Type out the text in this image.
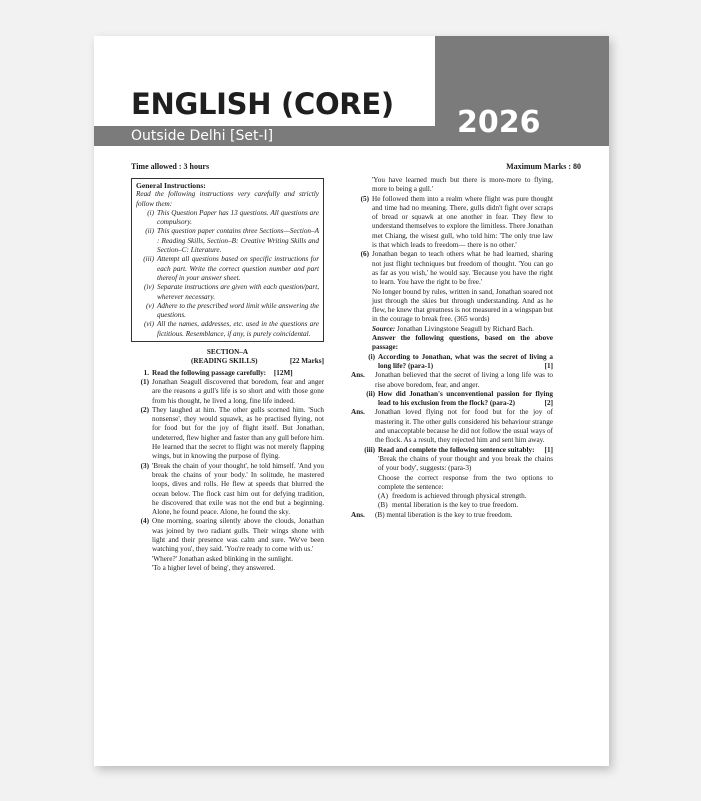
ENGLISH (CORE)
Outside Delhi [Set-I]	2026
Time allowed : 3 hours	Maximum Marks : 80
General Instructions:
Read the following instructions very carefully and strictly follow them:
(i) This Question Paper has 13 questions. All questions are compulsory.
(ii) This question paper contains three Sections—Section–A : Reading Skills, Section–B: Creative Writing Skills and Section–C: Literature.
(iii) Attempt all questions based on specific instructions for each part. Write the correct question number and part thereof in your answer sheet.
(iv) Separate instructions are given with each question/part, wherever necessary.
(v) Adhere to the prescribed word limit while answering the questions.
(vi) All the names, addresses, etc. used in the questions are fictitious. Resemblance, if any, is purely coincidental.
SECTION–A
(READING SKILLS)	[22 Marks]
1. Read the following passage carefully: [12M]
(1) Jonathan Seagull discovered that boredom, fear and anger are the reasons a gull's life is so short and with those gone from his thought, he lived a long, fine life indeed.
(2) They laughed at him. The other gulls scorned him. 'Such nonsense', they would squawk, as he practised flying, not for food but for the joy of flight itself. But Jonathan, undeterred, flew higher and faster than any gull before him. He learned that the secret to flight was not merely flapping wings, but in knowing the purpose of flying.
(3) 'Break the chain of your thought', he told himself. 'And you break the chains of your body.' In solitude, he mastered loops, dives and rolls. He flew at speeds that blurred the ocean below. The flock cast him out for defying tradition, he discovered that exile was not the end but a beginning. Alone, he found peace. Alone, he found the sky.
(4) One morning, soaring silently above the clouds, Jonathan was joined by two radiant gulls. Their wings shone with light and their presence was calm and sure. 'We've been watching you', they said. 'You're ready to come with us.'
'Where?' Jonathan asked blinking in the sunlight.
'To a higher level of being', they answered.
'You have learned much but there is more-more to flying, more to being a gull.'
(5) He followed them into a realm where flight was pure thought and time had no meaning. There, gulls didn't fight over scraps of bread or squawk at one another in fear. They flew to understand themselves to explore the limitless. There Jonathan met Chiang, the wisest gull, who told him: 'The only true law is that which leads to freedom— there is no other.'
(6) Jonathan began to teach others what he had learned, sharing not just flight techniques but freedom of thought. 'You can go as far as you wish,' he would say. 'Because you have the right to learn. You have the right to be free.'
No longer bound by rules, written in sand, Jonathan soared not just through the skies but through understanding. And as he flew, he knew that greatness is not measured in a wingspan but in the courage to break free. (365 words)
Source: Jonathan Livingstone Seagull by Richard Bach.
Answer the following questions, based on the above passage:
(i) According to Jonathan, what was the secret of living a long life? (para-1)	[1]
Ans.	Jonathan believed that the secret of living a long life was to rise above boredom, fear, and anger.
(ii) How did Jonathan's unconventional passion for flying lead to his exclusion from the flock? (para-2)	[2]
Ans.	Jonathan loved flying not for food but for the joy of mastering it. The other gulls considered his behaviour strange and unacceptable because he did not follow the usual ways of the flock. As a result, they rejected him and sent him away.
(iii) Read and complete the following sentence suitably: [1]
'Break the chains of your thought and you break the chains of your body', suggests: (para-3)
Choose the correct response from the two options to complete the sentence:
(A) freedom is achieved through physical strength.
(B) mental liberation is the key to true freedom.
Ans.	(B) mental liberation is the key to true freedom.
